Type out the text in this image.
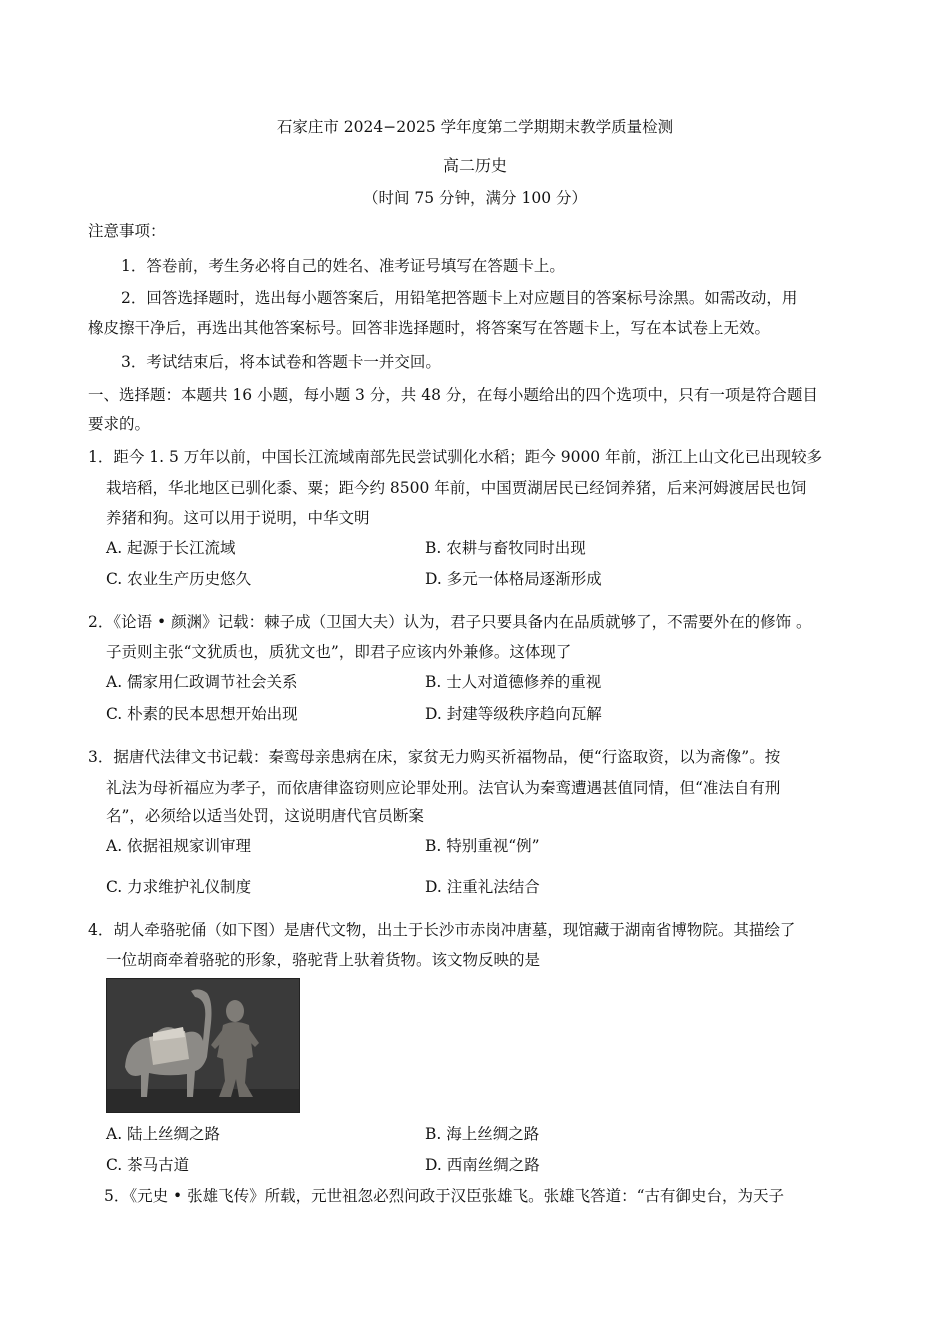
石家庄市 2024−2025 学年度第二学期期末教学质量检测
高二历史
（时间 75 分钟，满分 100 分）
注意事项：
1．答卷前，考生务必将自己的姓名、准考证号填写在答题卡上。
2．回答选择题时，选出每小题答案后，用铅笔把答题卡上对应题目的答案标号涂黑。如需改动，用
橡皮擦干净后，再选出其他答案标号。回答非选择题时，将答案写在答题卡上，写在本试卷上无效。
3．考试结束后，将本试卷和答题卡一并交回。
一、选择题：本题共 16 小题，每小题 3 分，共 48 分，在每小题给出的四个选项中，只有一项是符合题目
要求的。
1．距今 1. 5 万年以前，中国长江流域南部先民尝试驯化水稻；距今 9000 年前，浙江上山文化已出现较多
栽培稻，华北地区已驯化黍、粟；距今约 8500 年前，中国贾湖居民已经饲养猪，后来河姆渡居民也饲
养猪和狗。这可以用于说明，中华文明
A. 起源于长江流域	B. 农耕与畜牧同时出现
C. 农业生产历史悠久	D. 多元一体格局逐渐形成
2．《论语 • 颜渊》记载：棘子成（卫国大夫）认为，君子只要具备内在品质就够了，不需要外在的修饰 。
子贡则主张“文犹质也，质犹文也”，即君子应该内外兼修。这体现了
A. 儒家用仁政调节社会关系	B. 士人对道德修养的重视
C. 朴素的民本思想开始出现	D. 封建等级秩序趋向瓦解
3．据唐代法律文书记载：秦鸾母亲患病在床，家贫无力购买祈福物品，便“行盗取资，以为斋像”。按
礼法为母祈福应为孝子，而依唐律盗窃则应论罪处刑。法官认为秦鸾遭遇甚值同情，但“准法自有刑
名”，必须给以适当处罚，这说明唐代官员断案
A. 依据祖规家训审理	B. 特别重视“例”
C. 力求维护礼仪制度	D. 注重礼法结合
4．胡人牵骆驼俑（如下图）是唐代文物，出土于长沙市赤岗冲唐墓，现馆藏于湖南省博物院。其描绘了
一位胡商牵着骆驼的形象，骆驼背上驮着货物。该文物反映的是
A. 陆上丝绸之路	B. 海上丝绸之路
C. 茶马古道	D. 西南丝绸之路
5．《元史 • 张雄飞传》所载，元世祖忽必烈问政于汉臣张雄飞。张雄飞答道：“古有御史台，为天子
